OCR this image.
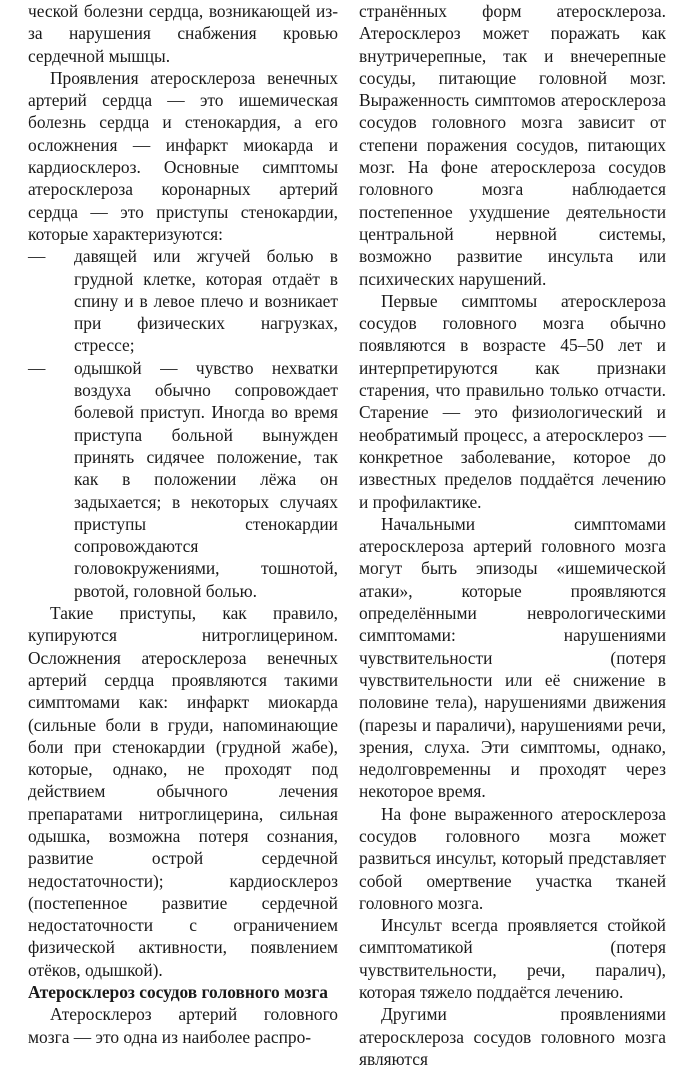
ческой болезни сердца, возникающей из-за нарушения снабжения кровью сердечной мышцы.

Проявления атеросклероза венечных артерий сердца — это ишемическая болезнь сердца и стенокардия, а его осложнения — инфаркт миокарда и кардиосклероз. Основные симптомы атеросклероза коронарных артерий сердца — это приступы стенокардии, которые характеризуются:

—	давящей или жгучей болью в грудной клетке, которая отдаёт в спину и в левое плечо и возникает при физических нагрузках, стрессе;
—	одышкой — чувство нехватки воздуха обычно сопровождает болевой приступ. Иногда во время приступа больной вынужден принять сидячее положение, так как в положении лёжа он задыхается; в некоторых случаях приступы стенокардии сопровождаются головокружениями, тошнотой, рвотой, головной болью.

Такие приступы, как правило, купируются нитроглицерином. Осложнения атеросклероза венечных артерий сердца проявляются такими симптомами как: инфаркт миокарда (сильные боли в груди, напоминающие боли при стенокардии (грудной жабе), которые, однако, не проходят под действием обычного лечения препаратами нитроглицерина, сильная одышка, возможна потеря сознания, развитие острой сердечной недостаточности); кардиосклероз (постепенное развитие сердечной недостаточности с ограничением физической активности, появлением отёков, одышкой).

Атеросклероз сосудов головного мозга

Атеросклероз артерий головного мозга — это одна из наиболее распро-

странённых форм атеросклероза. Атеросклероз может поражать как внутричерепные, так и внечерепные сосуды, питающие головной мозг. Выраженность симптомов атеросклероза сосудов головного мозга зависит от степени поражения сосудов, питающих мозг. На фоне атеросклероза сосудов головного мозга наблюдается постепенное ухудшение деятельности центральной нервной системы, возможно развитие инсульта или психических нарушений.

Первые симптомы атеросклероза сосудов головного мозга обычно появляются в возрасте 45–50 лет и интерпретируются как признаки старения, что правильно только отчасти. Старение — это физиологический и необратимый процесс, а атеросклероз — конкретное заболевание, которое до известных пределов поддаётся лечению и профилактике.

Начальными симптомами атеросклероза артерий головного мозга могут быть эпизоды «ишемической атаки», которые проявляются определёнными неврологическими симптомами: нарушениями чувствительности (потеря чувствительности или её снижение в половине тела), нарушениями движения (парезы и параличи), нарушениями речи, зрения, слуха. Эти симптомы, однако, недолговременны и проходят через некоторое время.

На фоне выраженного атеросклероза сосудов головного мозга может развиться инсульт, который представляет собой омертвение участка тканей головного мозга.

Инсульт всегда проявляется стойкой симптоматикой (потеря чувствительности, речи, паралич), которая тяжело поддаётся лечению.

Другими проявлениями атеросклероза сосудов головного мозга являются
